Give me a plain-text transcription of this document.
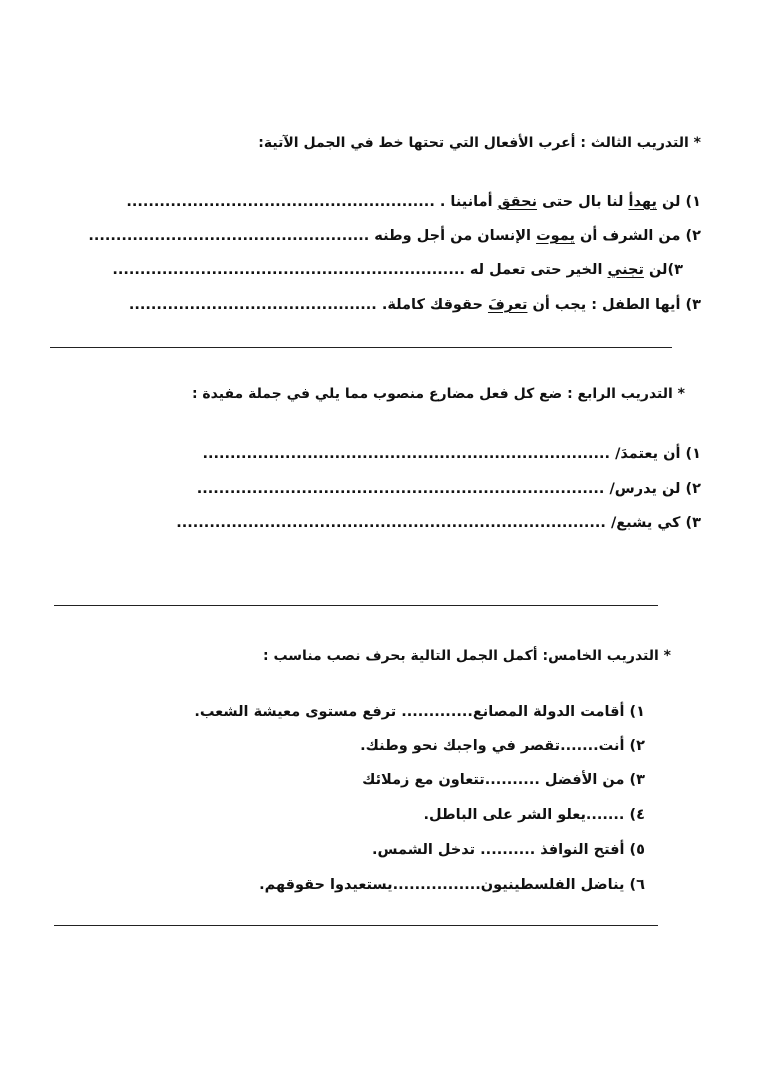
* التدريب الثالث : أعرب الأفعال التي تحتها خط في الجمل الآتية:
١) لن يهدأ لنا بال حتى نحقق أمانينا . ........................................................
٢) من الشرف أن يموت الإنسان من أجل وطنه ...................................................
٣)لن تجني الخير حتى تعمل له ................................................................
٣) أيها الطفل : يجب أن تعرفَ حقوقك كاملة. .............................................
* التدريب الرابع : ضع كل فعل مضارع منصوب مما يلي في جملة مفيدة :
١) أن يعتمدَ/ ..........................................................................
٢) لن يدرس/ ..........................................................................
٣) كي يشبع/ ..............................................................................
* التدريب الخامس: أكمل الجمل التالية بحرف نصب مناسب :
١) أقامت الدولة المصانع............. ترفع مستوى معيشة الشعب.
٢) أنت.......تقصر في واجبك نحو وطنك.
٣) من الأفضل ..........تتعاون مع زملائك
٤) .......يعلو الشر على الباطل.
٥) أفتح النوافذ .......... تدخل الشمس.
٦) يناضل الفلسطينيون................يستعيدوا حقوقهم.
